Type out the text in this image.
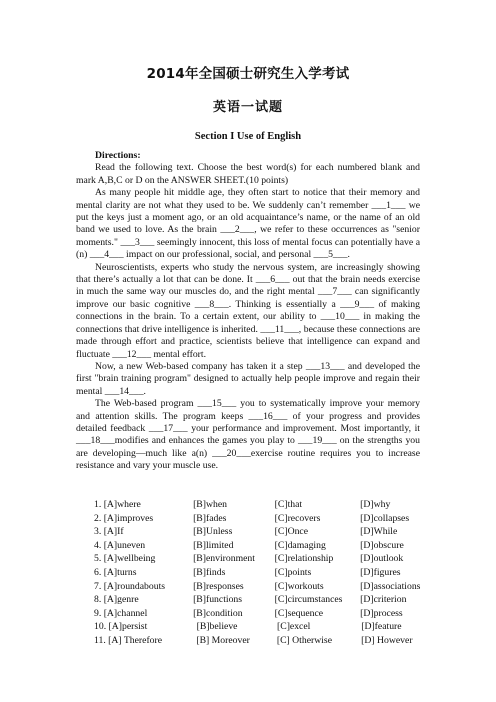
2014年全国硕士研究生入学考试
英语一试题
Section I Use of English
Directions:

Read the following text. Choose the best word(s) for each numbered blank and mark A,B,C or D on the ANSWER SHEET.(10 points)

As many people hit middle age, they often start to notice that their memory and mental clarity are not what they used to be. We suddenly can’t remember ___1___ we put the keys just a moment ago, or an old acquaintance’s name, or the name of an old band we used to love. As the brain ___2___, we refer to these occurrences as "senior moments." ___3___ seemingly innocent, this loss of mental focus can potentially have a (n) ___4___ impact on our professional, social, and personal ___5___.

Neuroscientists, experts who study the nervous system, are increasingly showing that there’s actually a lot that can be done. It ___6___ out that the brain needs exercise in much the same way our muscles do, and the right mental ___7___ can significantly improve our basic cognitive ___8___. Thinking is essentially a ___9___ of making connections in the brain. To a certain extent, our ability to ___10___ in making the connections that drive intelligence is inherited. ___11___, because these connections are made through effort and practice, scientists believe that intelligence can expand and fluctuate ___12___ mental effort.

Now, a new Web-based company has taken it a step ___13___ and developed the first "brain training program" designed to actually help people improve and regain their mental ___14___.

The Web-based program ___15___ you to systematically improve your memory and attention skills. The program keeps ___16___ of your progress and provides detailed feedback ___17___ your performance and improvement. Most importantly, it ___18___modifies and enhances the games you play to ___19___ on the strengths you are developing—much like a(n) ___20___exercise routine requires you to increase resistance and vary your muscle use.

1.
[A]where	[B]when	[C]that	[D]why
2.
[A]improves	[B]fades	[C]recovers	[D]collapses
3.
[A]If	[B]Unless	[C]Once	[D]While
4.
[A]uneven	[B]limited	[C]damaging	[D]obscure
5.
[A]wellbeing	[B]environment	[C]relationship	[D]outlook
6.
[A]turns	[B]finds	[C]points	[D]figures
7.
[A]roundabouts	[B]responses	[C]workouts	[D]associations
8.
[A]genre	[B]functions	[C]circumstances	[D]criterion
9.
[A]channel	[B]condition	[C]sequence	[D]process
10.
[A]persist	[B]believe	[C]excel	[D]feature
11.
[A] Therefore	[B] Moreover	[C] Otherwise	[D] However
